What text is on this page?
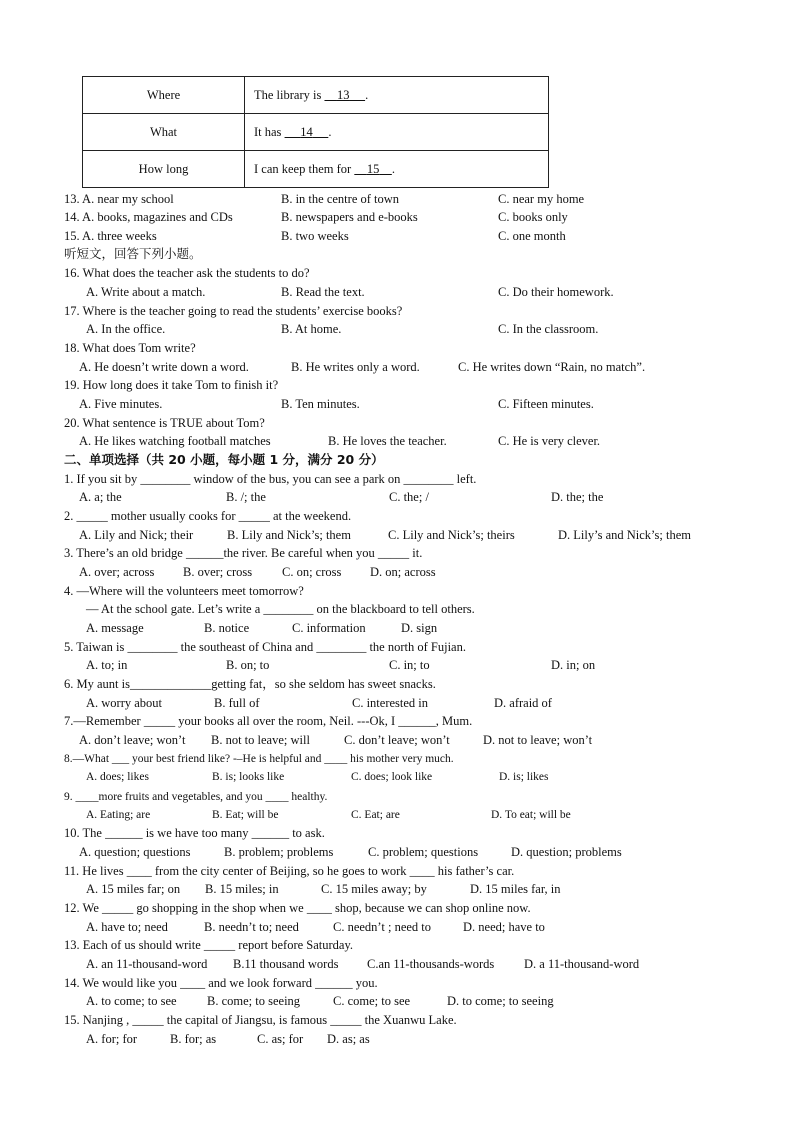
Where	The library is     13 .
What	It has      14 .
How long	I can keep them for     15 .
13. A. near my school	B. in the centre of town	C. near my home
14. A. books, magazines and CDs	B. newspapers and e-books	C. books only
15. A. three weeks	B. two weeks	C. one month
听短文，回答下列小题。
16. What does the teacher ask the students to do?
A. Write about a match.	B. Read the text.	C. Do their homework.
17. Where is the teacher going to read the students’ exercise books?
A. In the office.	B. At home.	C. In the classroom.
18. What does Tom write?
A. He doesn’t write down a word.	B. He writes only a word.	C. He writes down “Rain, no match”.
19. How long does it take Tom to finish it?
A. Five minutes.	B. Ten minutes.	C. Fifteen minutes.
20. What sentence is TRUE about Tom?
A. He likes watching football matches	B. He loves the teacher.	C. He is very clever.
二、单项选择（共 20 小题，每小题 1 分，满分 20 分）
1. If you sit by ________ window of the bus, you can see a park on ________ left.
A. a; the	B. /; the	C. the; /	D. the; the
2. _____ mother usually cooks for _____ at the weekend.
A. Lily and Nick; their	B. Lily and Nick’s; them	C. Lily and Nick’s; theirs	D. Lily’s and Nick’s; them
3. There’s an old bridge ______the river. Be careful when you _____ it.
A. over; across B. over; cross C. on; cross D. on; across
4. —Where will the volunteers meet tomorrow?
— At the school gate. Let’s write a ________ on the blackboard to tell others.
A. message	B. notice	C. information	D. sign
5. Taiwan is ________ the southeast of China and ________ the north of Fujian.
A. to; in	B. on; to	C. in; to	D. in; on
6. My aunt is_____________getting fat，so she seldom has sweet snacks.
A. worry about	B. full of	C. interested in	D. afraid of
7.—Remember _____ your books all over the room, Neil. ---Ok, I ______, Mum.
A. don’t leave; won’t B. not to leave; will	C. don’t leave; won’t	D. not to leave; won’t
8.—What ___ your best friend like? -–He is helpful and ____ his mother very much.
A. does; likes	B. is; looks like	C. does; look like	D. is; likes
9. ____more fruits and vegetables, and you ____ healthy.
A. Eating; are	B. Eat; will be	C. Eat; are	D. To eat; will be
10. The ______ is we have too many ______ to ask.
A. question; questions	B. problem; problems	C. problem; questions	D. question; problems
11. He lives ____ from the city center of Beijing, so he goes to work ____ his father’s car.
A. 15 miles far; on B. 15 miles; in	C. 15 miles away; by	D. 15 miles far, in
12. We _____ go shopping in the shop when we ____ shop, because we can shop online now.
A. have to; need	B. needn’t to; need	C. needn’t ; need to	D. need; have to
13. Each of us should write _____ report before Saturday.
A. an 11-thousand-word B.11 thousand words C.an 11-thousands-words D. a 11-thousand-word
14. We would like you ____ and we look forward ______ you.
A. to come; to see B. come; to seeing	C. come; to see	D. to come; to seeing
15. Nanjing , _____ the capital of Jiangsu, is famous _____ the Xuanwu Lake.
A. for; for	B. for; as	C. as; for D. as; as
